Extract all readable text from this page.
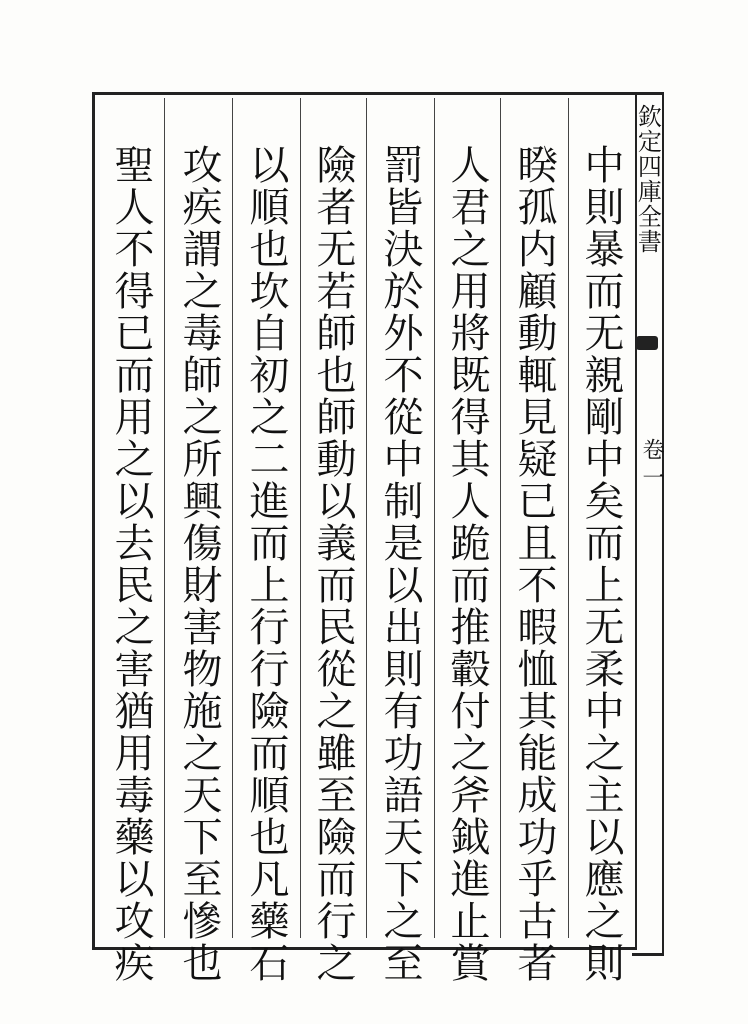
欽定四庫全書
卷一
中則暴而无親剛中矣而上无柔中之主以應之則
睽孤内顧動輒見疑已且不暇恤其能成功乎古者
人君之用將既得其人跪而推轂付之斧鉞進止賞
罰皆決於外不從中制是以出則有功語天下之至
險者无若師也師動以義而民從之雖至險而行之
以順也坎自初之二進而上行行險而順也凡藥石
攻疾謂之毒師之所興傷財害物施之天下至慘也
聖人不得已而用之以去民之害猶用毒藥以攻疾
